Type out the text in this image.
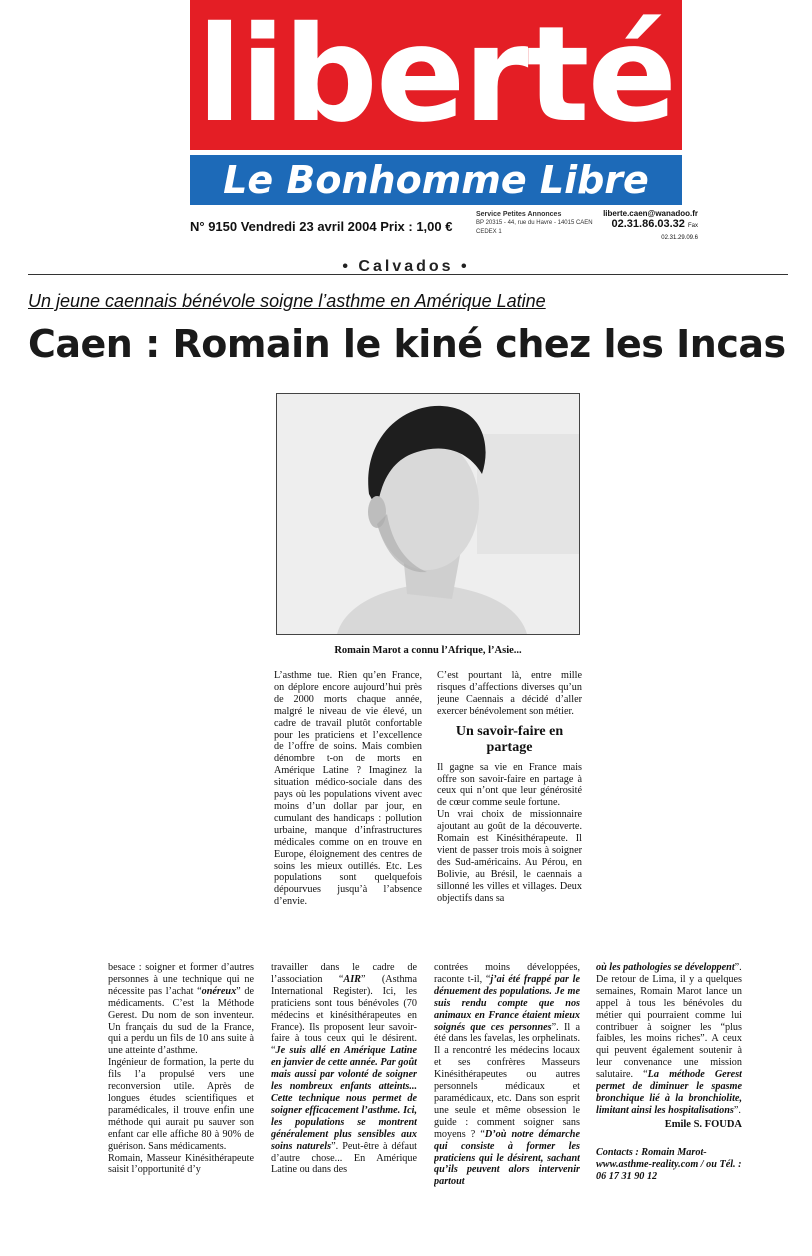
liberté
Le Bonhomme Libre
N° 9150 Vendredi 23 avril 2004 Prix : 1,00 €
Service Petites Annonces
BP 20315 - 44, rue du Havre - 14015 CAEN CEDEX 1
liberte.caen@wanadoo.fr
02.31.86.03.32 Fax 02.31.29.09.6
• Calvados •
Un jeune caennais bénévole soigne l’asthme en Amérique Latine
Caen : Romain le kiné chez les Incas
Romain Marot a connu l’Afrique, l’Asie...

L’asthme tue. Rien qu’en France, on déplore encore aujourd’hui près de 2000 morts chaque année, malgré le niveau de vie élevé, un cadre de travail plutôt confortable pour les praticiens et l’excellence de l’offre de soins. Mais combien dénombre t-on de morts en Amérique Latine ? Imaginez la situation médico-sociale dans des pays où les populations vivent avec moins d’un dollar par jour, en cumulant des handicaps : pollution urbaine, manque d’infrastructures médicales comme on en trouve en Europe, éloignement des centres de soins les mieux outillés. Etc. Les populations sont quelquefois dépourvues jusqu’à l’absence d’envie.

C’est pourtant là, entre mille risques d’affections diverses qu’un jeune Caennais a décidé d’aller exercer bénévolement son métier.

Un savoir-faire en partage

Il gagne sa vie en France mais offre son savoir-faire en partage à ceux qui n’ont que leur générosité de cœur comme seule fortune.

Un vrai choix de missionnaire ajoutant au goût de la découverte. Romain est Kinésithérapeute. Il vient de passer trois mois à soigner des Sud-américains. Au Pérou, en Bolivie, au Brésil, le caennais a sillonné les villes et villages. Deux objectifs dans sa

besace : soigner et former d’autres personnes à une technique qui ne nécessite pas l’achat “onéreux” de médicaments. C’est la Méthode Gerest. Du nom de son inventeur. Un français du sud de la France, qui a perdu un fils de 10 ans suite à une atteinte d’asthme.

Ingénieur de formation, la perte du fils l’a propulsé vers une reconversion utile. Après de longues études scientifiques et paramédicales, il trouve enfin une méthode qui aurait pu sauver son enfant car elle affiche 80 à 90% de guérison. Sans médicaments.

Romain, Masseur Kinésithérapeute saisit l’opportunité d’y

travailler dans le cadre de l’association “AIR” (Asthma International Register). Ici, les praticiens sont tous bénévoles (70 médecins et kinésithérapeutes en France). Ils proposent leur savoir-faire à tous ceux qui le désirent. “Je suis allé en Amérique Latine en janvier de cette année. Par goût mais aussi par volonté de soigner les nombreux enfants atteints... Cette technique nous permet de soigner efficacement l’asthme. Ici, les populations se montrent généralement plus sensibles aux soins naturels”. Peut-être à défaut d’autre chose... En Amérique Latine ou dans des

contrées moins développées, raconte t-il, “j’ai été frappé par le dénuement des populations. Je me suis rendu compte que nos animaux en France étaient mieux soignés que ces personnes”. Il a été dans les favelas, les orphelinats. Il a rencontré les médecins locaux et ses confrères Masseurs Kinésithérapeutes ou autres personnels médicaux et paramédicaux, etc. Dans son esprit une seule et même obsession le guide : comment soigner sans moyens ? “D’où notre démarche qui consiste à former les praticiens qui le désirent, sachant qu’ils peuvent alors intervenir partout

où les pathologies se développent”.

De retour de Lima, il y a quelques semaines, Romain Marot lance un appel à tous les bénévoles du métier qui pourraient comme lui contribuer à soigner les “plus faibles, les moins riches”. A ceux qui peuvent également soutenir à leur convenance une mission salutaire. “La méthode Gerest permet de diminuer le spasme bronchique lié à la bronchiolite, limitant ainsi les hospitalisations”.

Emile S. FOUDA
Contacts : Romain Marot- www.asthme-reality.com / ou Tél. : 06 17 31 90 12
